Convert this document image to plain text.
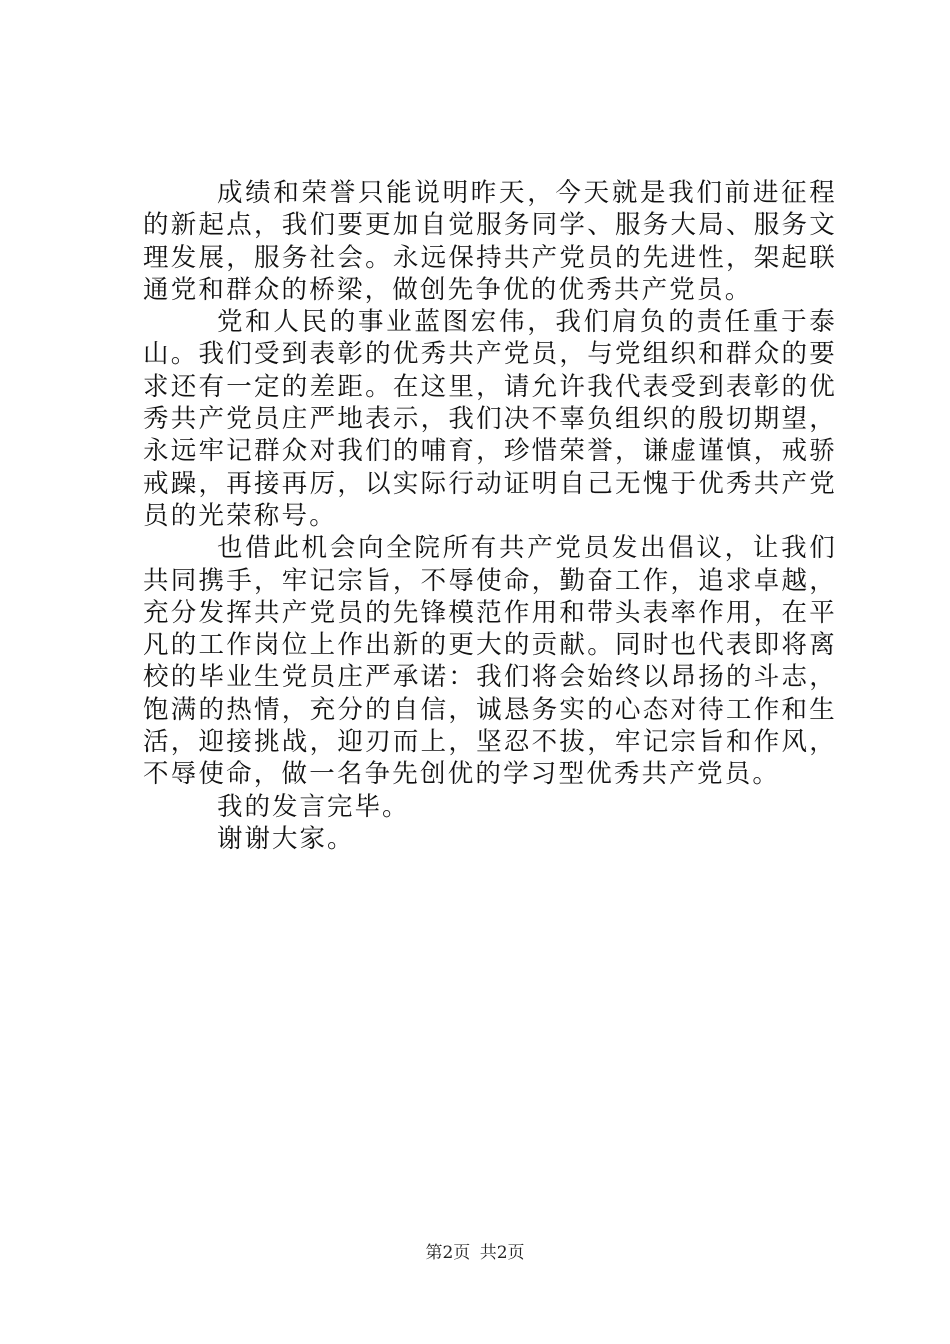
成绩和荣誉只能说明昨天，今天就是我们前进征程的新起点，我们要更加自觉服务同学、服务大局、服务文理发展，服务社会。永远保持共产党员的先进性，架起联通党和群众的桥梁，做创先争优的优秀共产党员。

党和人民的事业蓝图宏伟，我们肩负的责任重于泰山。我们受到表彰的优秀共产党员，与党组织和群众的要求还有一定的差距。在这里，请允许我代表受到表彰的优秀共产党员庄严地表示，我们决不辜负组织的殷切期望，永远牢记群众对我们的哺育，珍惜荣誉，谦虚谨慎，戒骄戒躁，再接再厉，以实际行动证明自己无愧于优秀共产党员的光荣称号。

也借此机会向全院所有共产党员发出倡议，让我们共同携手，牢记宗旨，不辱使命，勤奋工作，追求卓越，充分发挥共产党员的先锋模范作用和带头表率作用，在平凡的工作岗位上作出新的更大的贡献。同时也代表即将离校的毕业生党员庄严承诺：我们将会始终以昂扬的斗志，饱满的热情，充分的自信，诚恳务实的心态对待工作和生活，迎接挑战，迎刃而上，坚忍不拔，牢记宗旨和作风，不辱使命，做一名争先创优的学习型优秀共产党员。

我的发言完毕。

谢谢大家。

第2页 共2页
